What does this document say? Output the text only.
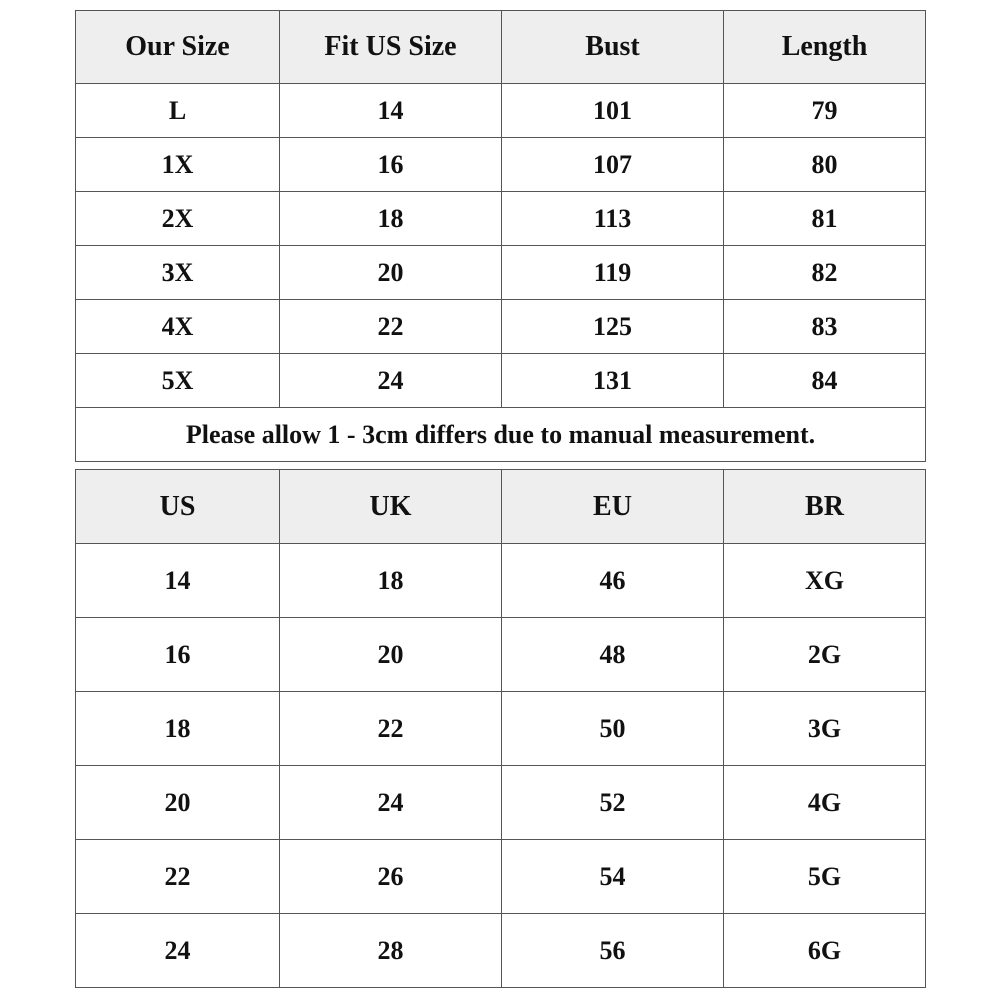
Our Size	Fit US Size	Bust	Length
L	14	101	79
1X	16	107	80
2X	18	113	81
3X	20	119	82
4X	22	125	83
5X	24	131	84
Please allow 1 - 3cm differs due to manual measurement.			
US	UK	EU	BR
14	18	46	XG
16	20	48	2G
18	22	50	3G
20	24	52	4G
22	26	54	5G
24	28	56	6G
